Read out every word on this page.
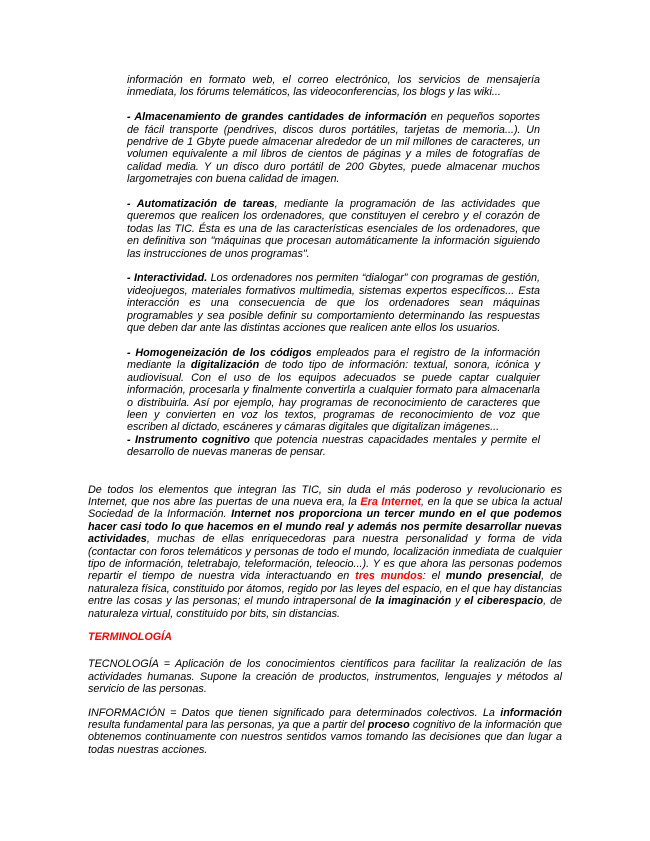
información en formato web, el correo electrónico, los servicios de mensajería inmediata, los fórums telemáticos, las videoconferencias, los blogs y las wiki...

- Almacenamiento de grandes cantidades de información en pequeños soportes de fácil transporte (pendrives, discos duros portátiles, tarjetas de memoria...). Un pendrive de 1 Gbyte puede almacenar alrededor de un mil millones de caracteres, un volumen equivalente a mil libros de cientos de páginas y a miles de fotografías de calidad media. Y un disco duro portátil de 200 Gbytes, puede almacenar muchos largometrajes con buena calidad de imagen.

- Automatización de tareas, mediante la programación de las actividades que queremos que realicen los ordenadores, que constituyen el cerebro y el corazón de todas las TIC. Ésta es una de las características esenciales de los ordenadores, que en definitiva son "máquinas que procesan automáticamente la información siguiendo las instrucciones de unos programas".

- Interactividad. Los ordenadores nos permiten “dialogar” con programas de gestión, videojuegos, materiales formativos multimedia, sistemas expertos específicos... Esta interacción es una consecuencia de que los ordenadores sean máquinas programables y sea posible definir su comportamiento determinando las respuestas que deben dar ante las distintas acciones que realicen ante ellos los usuarios.

- Homogeneización de los códigos empleados para el registro de la información mediante la digitalización de todo tipo de información: textual, sonora, icónica y audiovisual. Con el uso de los equipos adecuados se puede captar cualquier información, procesarla y finalmente convertirla a cualquier formato para almacenarla o distribuirla. Así por ejemplo, hay programas de reconocimiento de caracteres que leen y convierten en voz los textos, programas de reconocimiento de voz que escriben al dictado, escáneres y cámaras digitales que digitalizan imágenes...

- Instrumento cognitivo que potencia nuestras capacidades mentales y permite el desarrollo de nuevas maneras de pensar.

De todos los elementos que integran las TIC, sin duda el más poderoso y revolucionario es Internet, que nos abre las puertas de una nueva era, la Era Internet, en la que se ubica la actual Sociedad de la Información. Internet nos proporciona un tercer mundo en el que podemos hacer casi todo lo que hacemos en el mundo real y además nos permite desarrollar nuevas actividades, muchas de ellas enriquecedoras para nuestra personalidad y forma de vida (contactar con foros telemáticos y personas de todo el mundo, localización inmediata de cualquier tipo de información, teletrabajo, teleformación, teleocio...). Y es que ahora las personas podemos repartir el tiempo de nuestra vida interactuando en tres mundos: el mundo presencial, de naturaleza física, constituido por átomos, regido por las leyes del espacio, en el que hay distancias entre las cosas y las personas; el mundo intrapersonal de la imaginación y el ciberespacio, de naturaleza virtual, constituido por bits, sin distancias.

TERMINOLOGÍA

TECNOLOGÍA = Aplicación de los conocimientos científicos para facilitar la realización de las actividades humanas. Supone la creación de productos, instrumentos, lenguajes y métodos al servicio de las personas.

INFORMACIÓN = Datos que tienen significado para determinados colectivos. La información resulta fundamental para las personas, ya que a partir del proceso cognitivo de la información que obtenemos continuamente con nuestros sentidos vamos tomando las decisiones que dan lugar a todas nuestras acciones.
